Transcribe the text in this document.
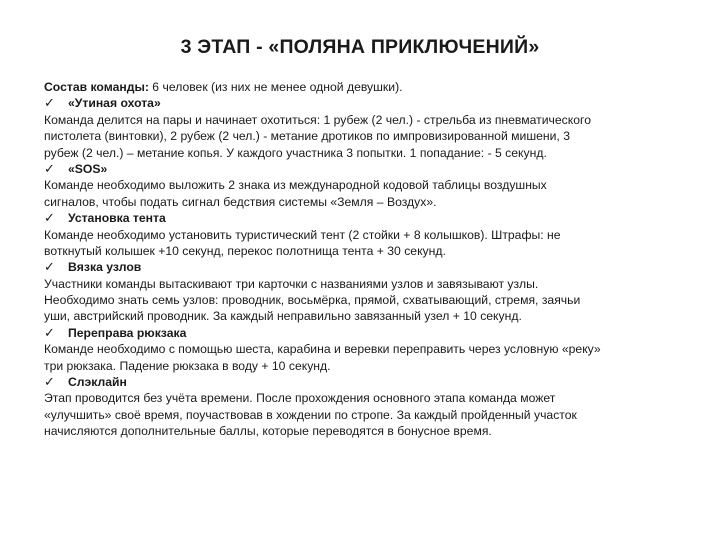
3 ЭТАП - «ПОЛЯНА ПРИКЛЮЧЕНИЙ»
Состав команды: 6 человек (из них не менее одной девушки).
✓ «Утиная охота»
Команда делится на пары и начинает охотиться: 1 рубеж (2 чел.) - стрельба из пневматического
пистолета (винтовки), 2 рубеж (2 чел.) - метание дротиков по импровизированной мишени, 3
рубеж (2 чел.) – метание копья. У каждого участника 3 попытки. 1 попадание: - 5 секунд.
✓ «SOS»
Команде необходимо выложить 2 знака из международной кодовой таблицы воздушных
сигналов, чтобы подать сигнал бедствия системы «Земля – Воздух».
✓ Установка тента
Команде необходимо установить туристический тент (2 стойки + 8 колышков). Штрафы: не
воткнутый колышек +10 секунд, перекос полотнища тента + 30 секунд.
✓ Вязка узлов
Участники команды вытаскивают три карточки с названиями узлов и завязывают узлы.
Необходимо знать семь узлов: проводник, восьмёрка, прямой, схватывающий, стремя, заячьи
уши, австрийский проводник. За каждый неправильно завязанный узел + 10 секунд.
✓ Переправа рюкзака
Команде необходимо с помощью шеста, карабина и веревки переправить через условную «реку»
три рюкзака. Падение рюкзака в воду + 10 секунд.
✓ Слэклайн
Этап проводится без учёта времени. После прохождения основного этапа команда может
«улучшить» своё время, поучаствовав в хождении по стропе. За каждый пройденный участок
начисляются дополнительные баллы, которые переводятся в бонусное время.
